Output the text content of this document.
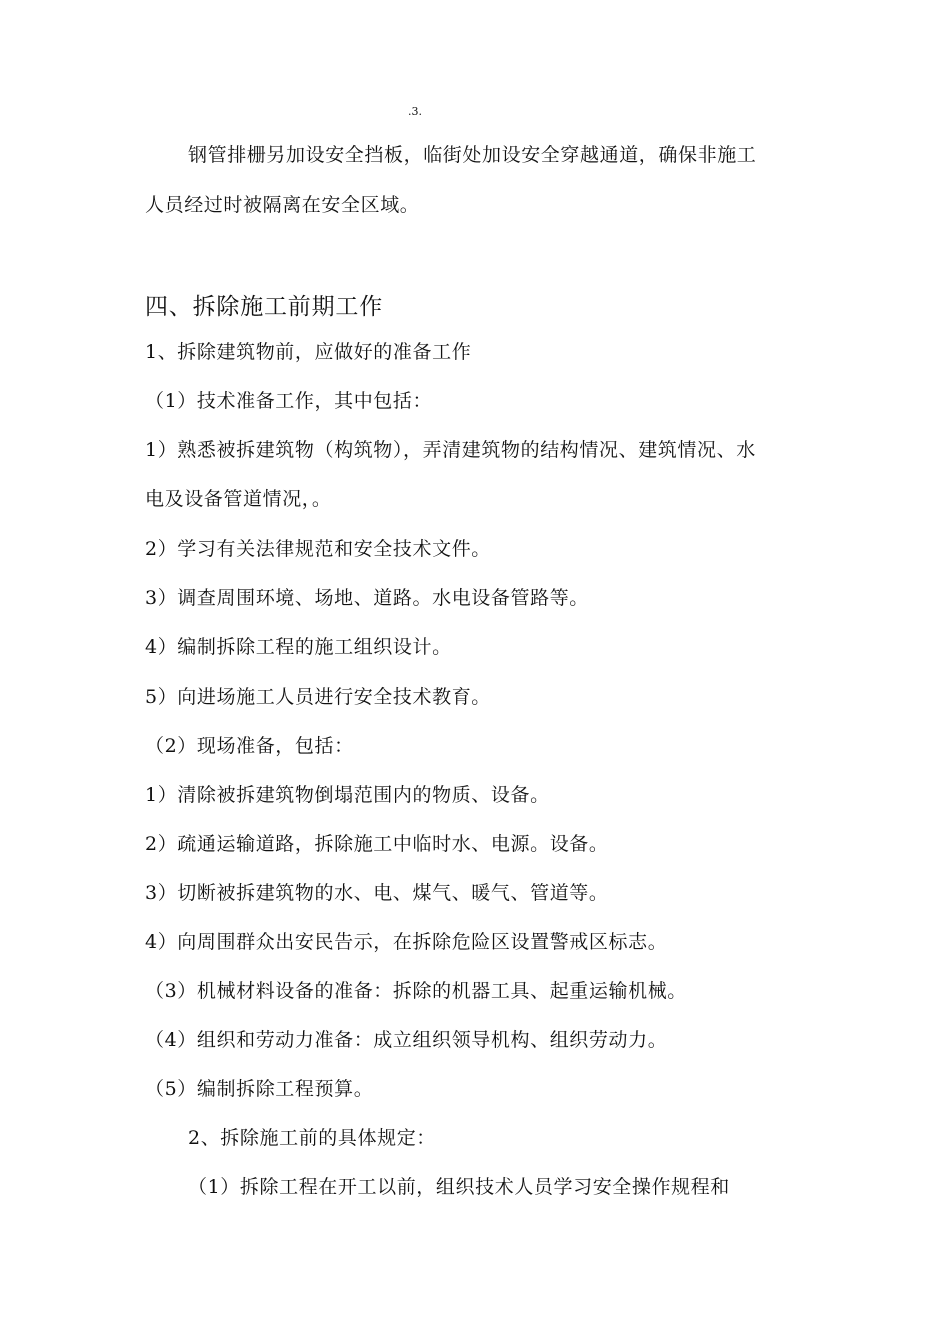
.3.
钢管排栅另加设安全挡板，临街处加设安全穿越通道，确保非施工
人员经过时被隔离在安全区域。
四、拆除施工前期工作
1、拆除建筑物前，应做好的准备工作
（1）技术准备工作，其中包括：
1）熟悉被拆建筑物（构筑物），弄清建筑物的结构情况、建筑情况、水
电及设备管道情况，。
2）学习有关法律规范和安全技术文件。
3）调查周围环境、场地、道路。水电设备管路等。
4）编制拆除工程的施工组织设计。
5）向进场施工人员进行安全技术教育。
（2）现场准备，包括：
1）清除被拆建筑物倒塌范围内的物质、设备。
2）疏通运输道路，拆除施工中临时水、电源。设备。
3）切断被拆建筑物的水、电、煤气、暖气、管道等。
4）向周围群众出安民告示，在拆除危险区设置警戒区标志。
（3）机械材料设备的准备：拆除的机器工具、起重运输机械。
（4）组织和劳动力准备：成立组织领导机构、组织劳动力。
（5）编制拆除工程预算。
2、拆除施工前的具体规定：
（1）拆除工程在开工以前，组织技术人员学习安全操作规程和
